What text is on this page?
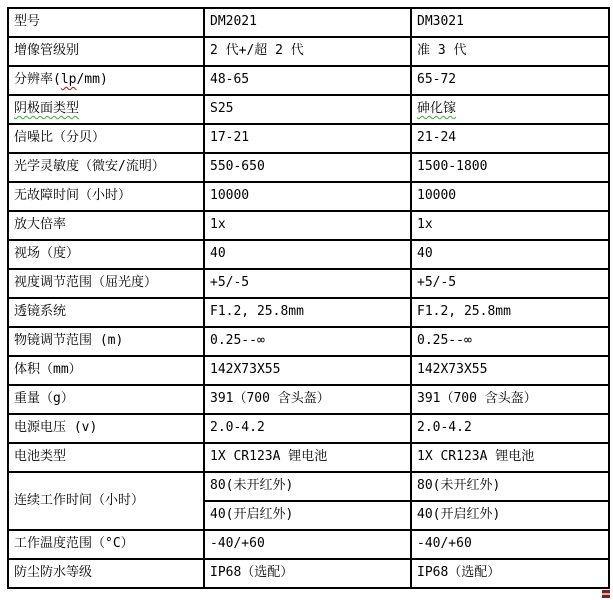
型号	DM2021	DM3021
增像管级别	2 代+/超 2 代	准 3 代
分辨率(lp/mm)	48-65	65-72
阴极面类型	S25	砷化镓
信噪比（分贝）	17-21	21-24
光学灵敏度（微安/流明）	550-650	1500-1800
无故障时间（小时）	10000	10000
放大倍率	1x	1x
视场（度）	40	40
视度调节范围（屈光度）	+5/-5	+5/-5
透镜系统	F1.2, 25.8mm	F1.2, 25.8mm
物镜调节范围 (m)	0.25--∞	0.25--∞
体积（mm）	142X73X55	142X73X55
重量（g）	391（700 含头盔）	391（700 含头盔）
电源电压 (v)	2.0-4.2	2.0-4.2
电池类型	1X CR123A 锂电池	1X CR123A 锂电池
连续工作时间（小时）	80(未开红外)	80(未开红外)
	40(开启红外)	40(开启红外)
工作温度范围（°C）	-40/+60	-40/+60
防尘防水等级	IP68（选配）	IP68（选配）
